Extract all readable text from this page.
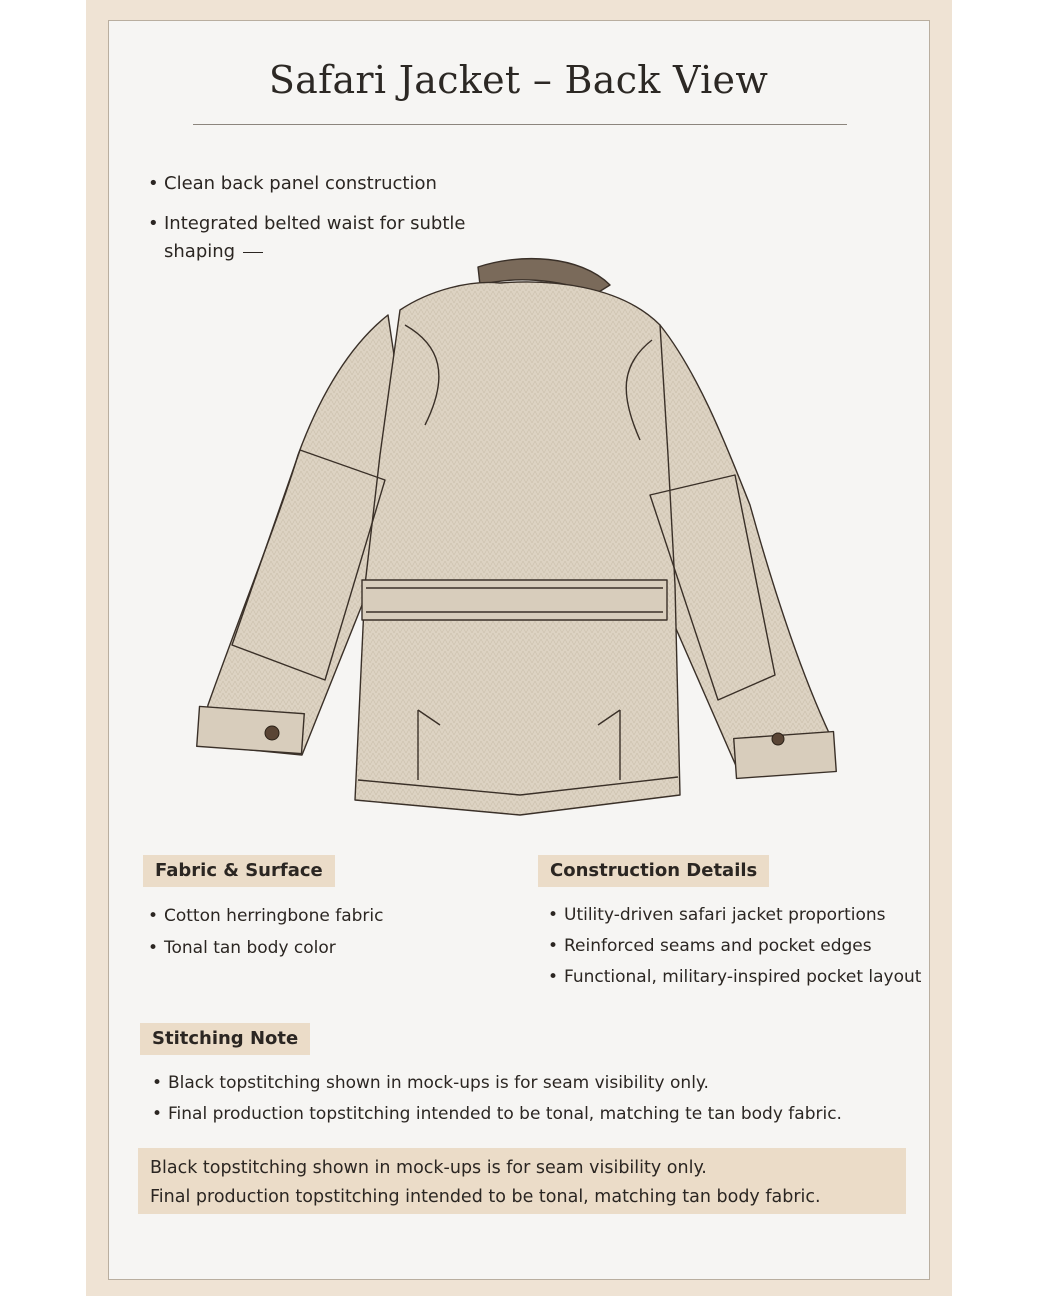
Safari Jacket – Back View
• Clean back panel construction
• Integrated belted waist for subtle shaping
Fabric & Surface
• Cotton herringbone fabric
• Tonal tan body color
Construction Details
• Utility-driven safari jacket proportions
• Reinforced seams and pocket edges
• Functional, military-inspired pocket layout
Stitching Note
• Black topstitching shown in mock-ups is for seam visibility only.
• Final production topstitching intended to be tonal, matching te tan body fabric.
Black topstitching shown in mock-ups is for seam visibility only.
Final production topstitching intended to be tonal, matching tan body fabric.
